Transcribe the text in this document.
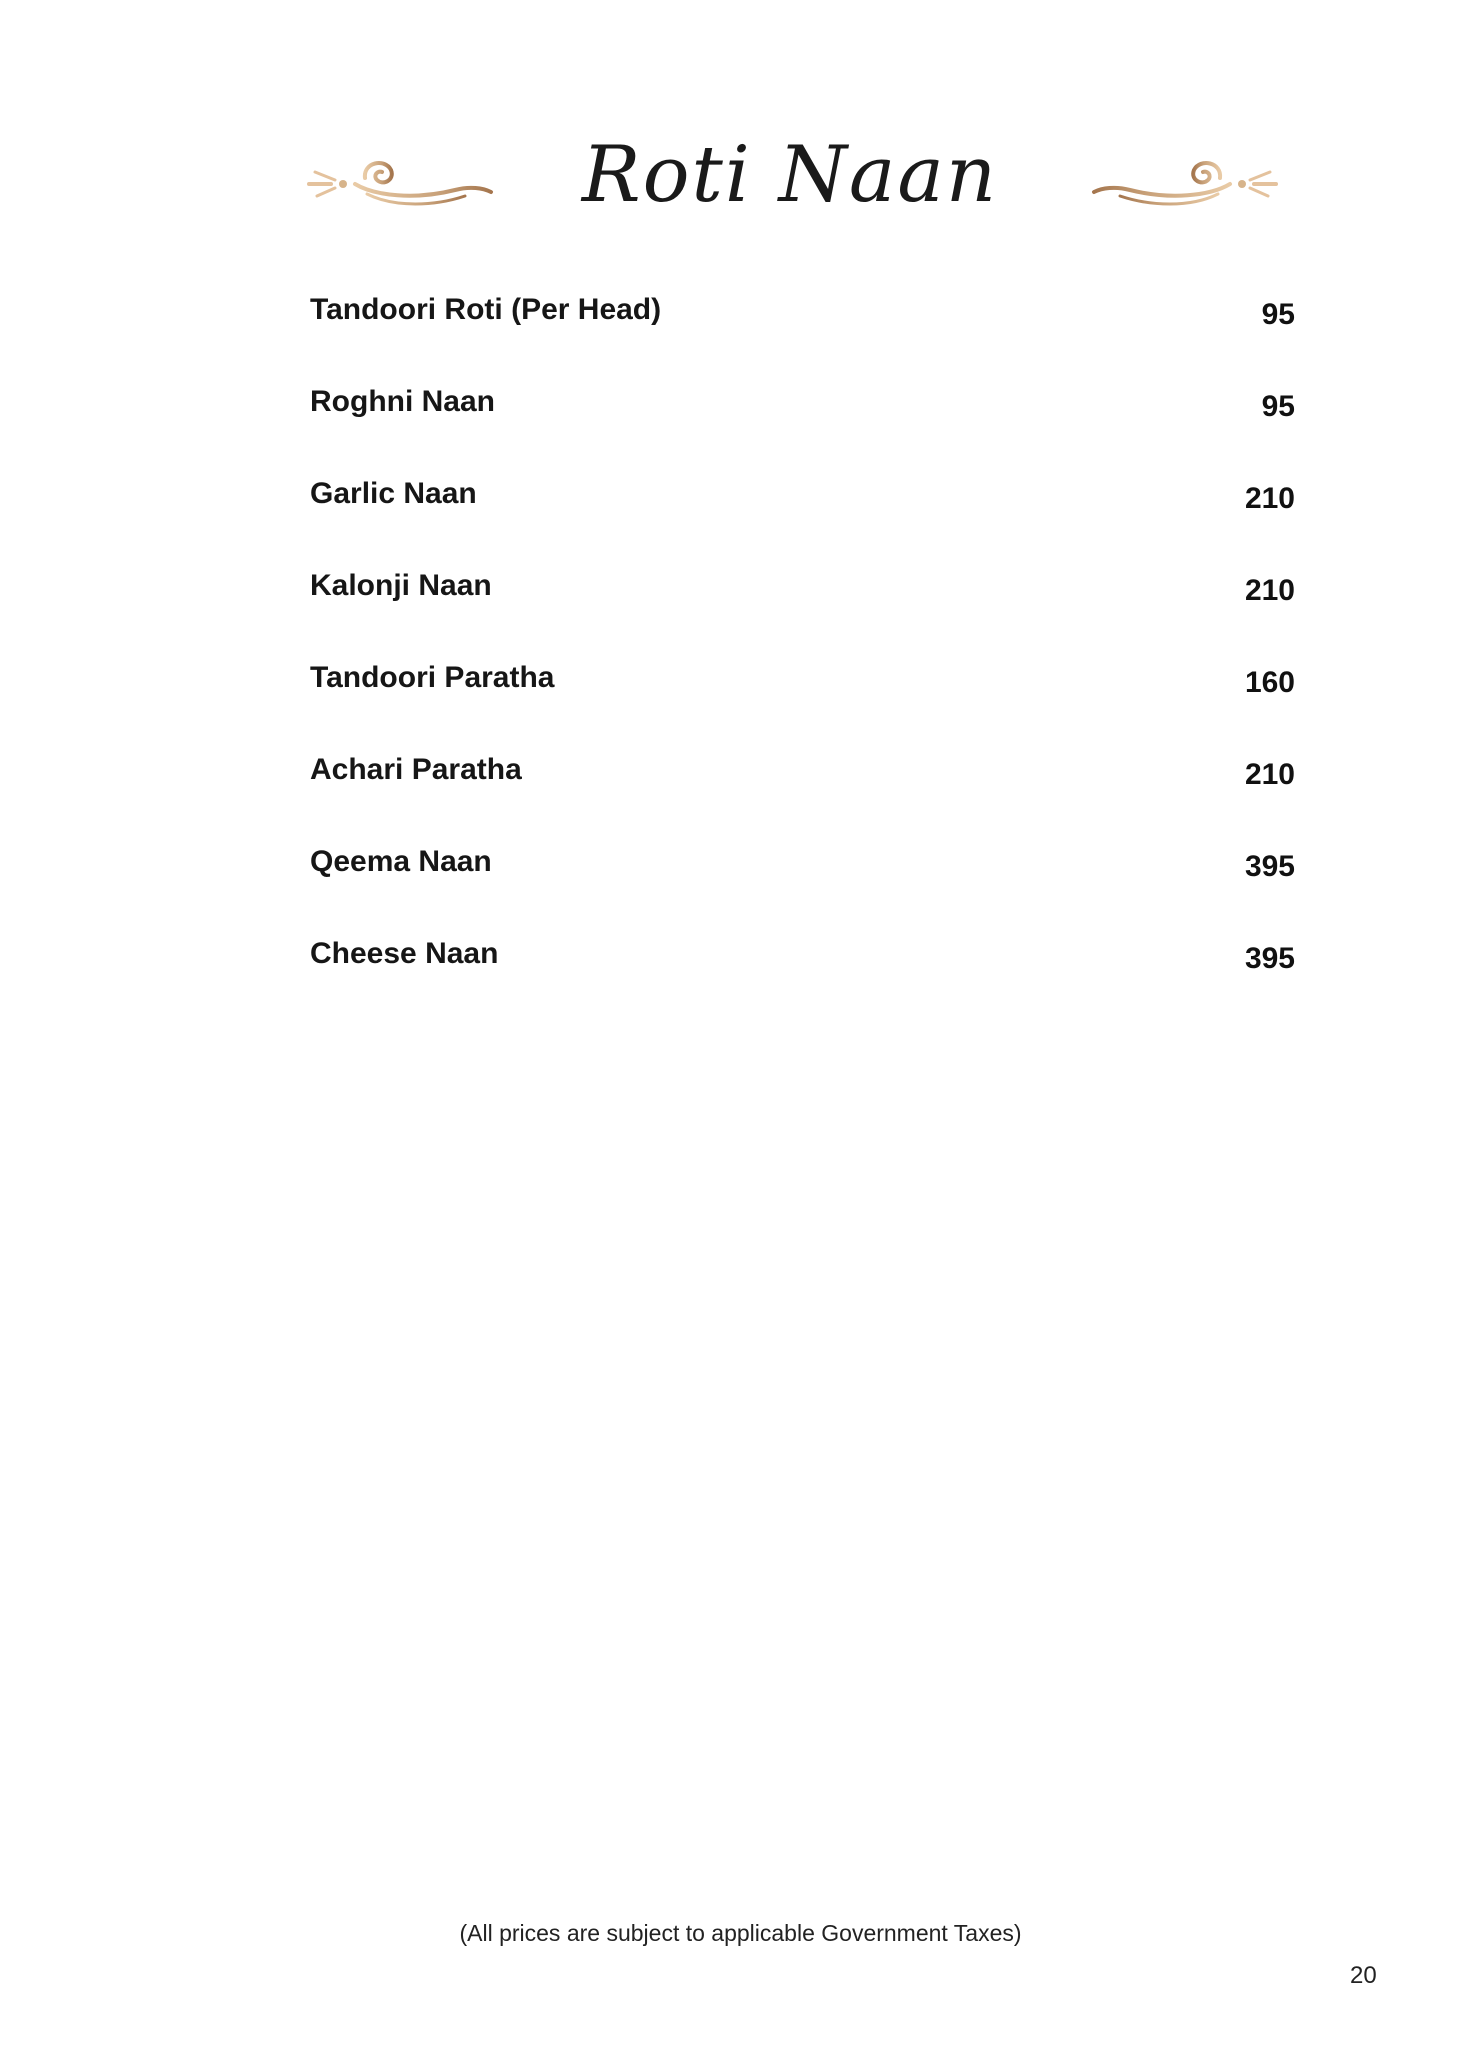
Roti Naan
Tandoori Roti (Per Head)	95
Roghni Naan	95
Garlic Naan	210
Kalonji Naan	210
Tandoori Paratha	160
Achari Paratha	210
Qeema Naan	395
Cheese Naan	395
(All prices are subject to applicable Government Taxes)
20
